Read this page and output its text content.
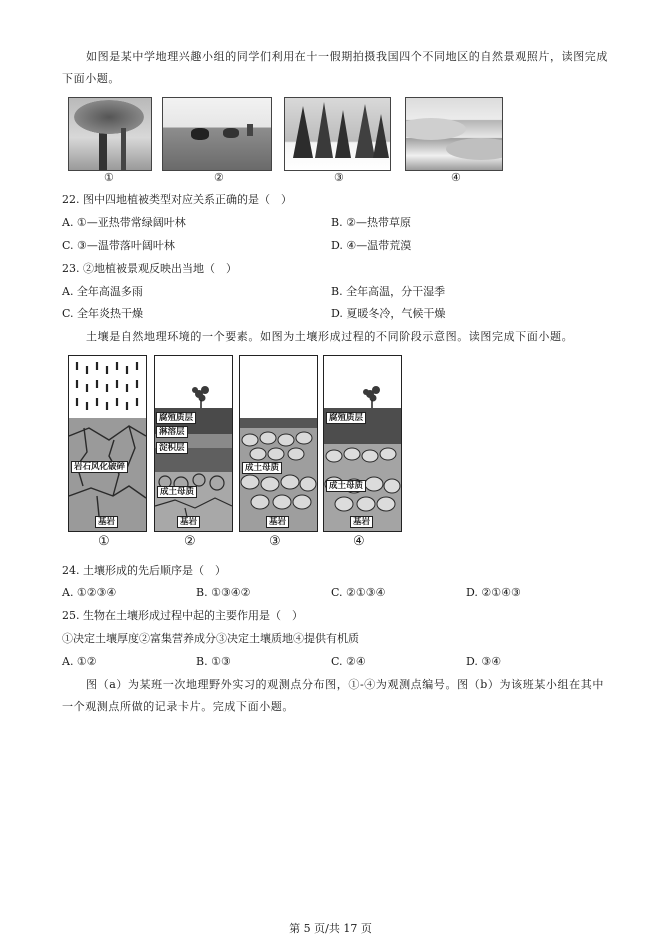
如图是某中学地理兴趣小组的同学们利用在十一假期拍摄我国四个不同地区的自然景观照片，读图完成下面小题。
①	②	③	④
22. 图中四地植被类型对应关系正确的是（　）
A. ①—亚热带常绿阔叶林	B. ②—热带草原
C. ③—温带落叶阔叶林	D. ④—温带荒漠
23. ②地植被景观反映出当地（　）
A. 全年高温多雨	B. 全年高温，分干湿季
C. 全年炎热干燥	D. 夏暖冬冷，气候干燥
土壤是自然地理环境的一个要素。如图为土壤形成过程的不同阶段示意图。读图完成下面小题。
岩石风化破碎
基岩
腐殖质层
淋溶层
淀积层
成土母质
基岩
成土母质
基岩
腐殖质层
成土母质
基岩
①	②	③	④
24. 土壤形成的先后顺序是（　）
A. ①②③④	B. ①③④②	C. ②①③④	D. ②①④③
25. 生物在土壤形成过程中起的主要作用是（　）
①决定土壤厚度②富集营养成分③决定土壤质地④提供有机质
A. ①②	B. ①③	C. ②④	D. ③④
图（a）为某班一次地理野外实习的观测点分布图，①-④为观测点编号。图（b）为该班某小组在其中一个观测点所做的记录卡片。完成下面小题。
第 5 页/共 17 页
